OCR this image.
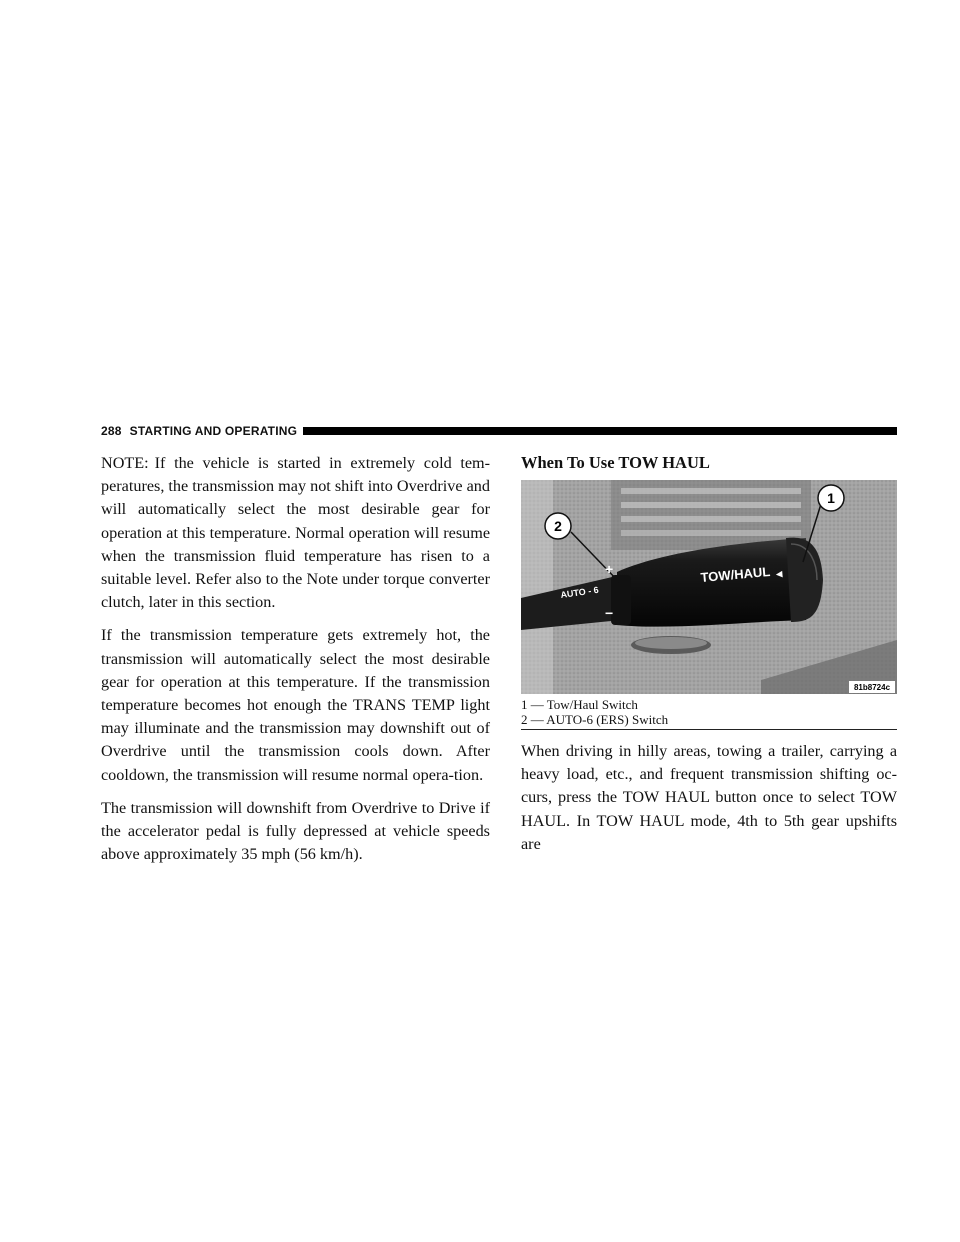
288 STARTING AND OPERATING

NOTE: If the vehicle is started in extremely cold tem-peratures, the transmission may not shift into Overdrive and will automatically select the most desirable gear for operation at this temperature. Normal operation will resume when the transmission fluid temperature has risen to a suitable level. Refer also to the Note under torque converter clutch, later in this section.

If the transmission temperature gets extremely hot, the transmission will automatically select the most desirable gear for operation at this temperature. If the transmission temperature becomes hot enough the TRANS TEMP light may illuminate and the transmission may downshift out of Overdrive until the transmission cools down. After cooldown, the transmission will resume normal opera-tion.

The transmission will downshift from Overdrive to Drive if the accelerator pedal is fully depressed at vehicle speeds above approximately 35 mph (56 km/h).

When To Use TOW HAUL
2
1
TOW/HAUL ◄
AUTO - 6
+
−
81b8724c
1 — Tow/Haul Switch
2 — AUTO-6 (ERS) Switch

When driving in hilly areas, towing a trailer, carrying a heavy load, etc., and frequent transmission shifting oc-curs, press the TOW HAUL button once to select TOW HAUL. In TOW HAUL mode, 4th to 5th gear upshifts are
